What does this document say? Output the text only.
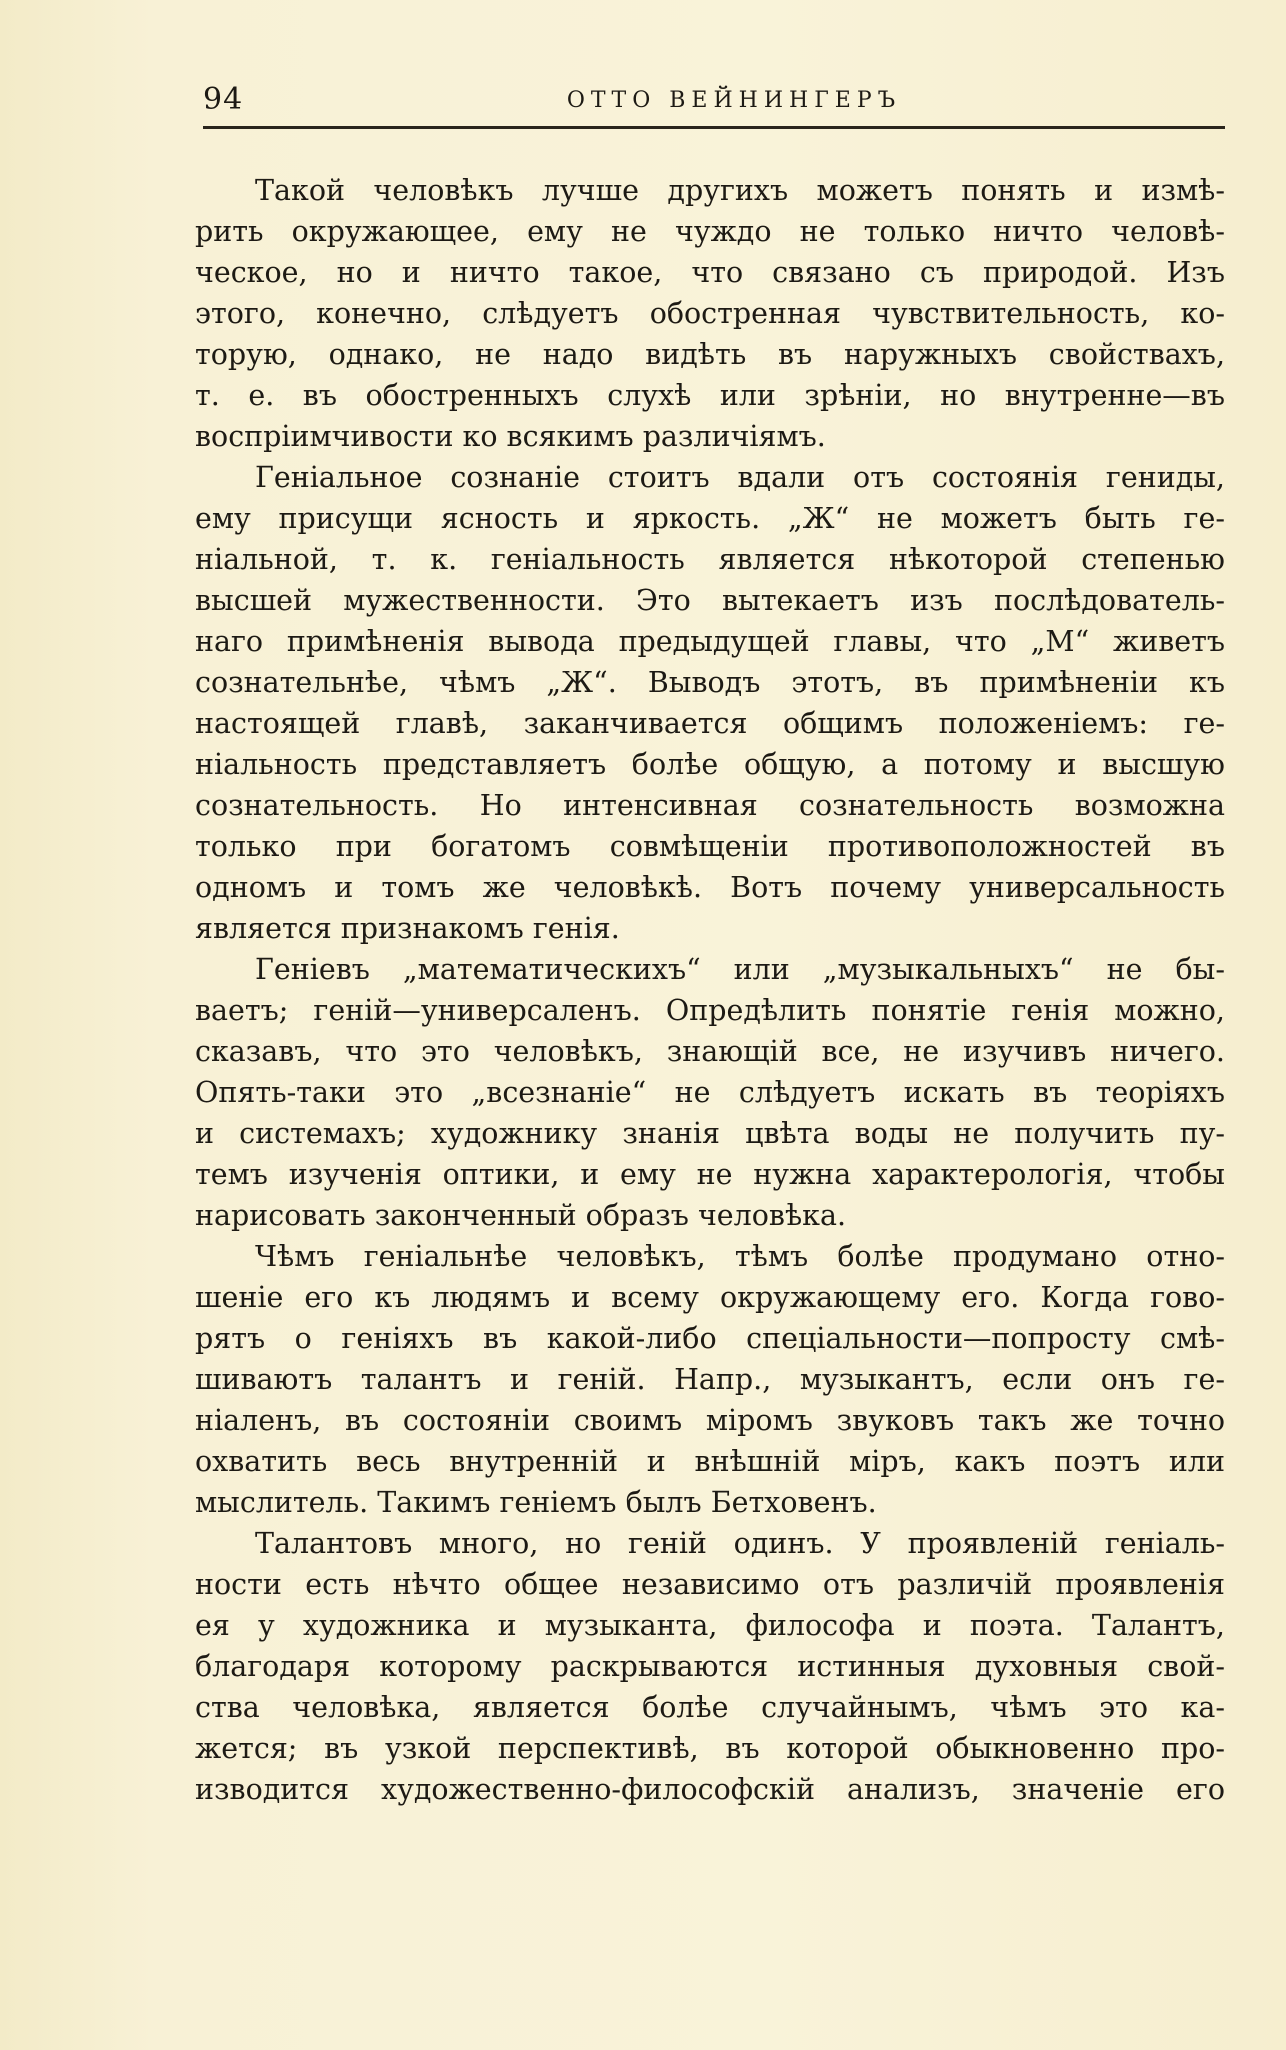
94	ОТТО ВЕЙНИНГЕРЪ

Такой человѣкъ лучше другихъ можетъ понять и измѣ-
рить окружающее, ему не чуждо не только ничто человѣ-
ческое, но и ничто такое, что связано съ природой. Изъ
этого, конечно, слѣдуетъ обостренная чувствительность, ко-
торую, однако, не надо видѣть въ наружныхъ свойствахъ,
т. е. въ обостренныхъ слухѣ или зрѣніи, но внутренне—въ
воспріимчивости ко всякимъ различіямъ.

Геніальное сознаніе стоитъ вдали отъ состоянія гениды,
ему присущи ясность и яркость. „Ж“ не можетъ быть ге-
ніальной, т. к. геніальность является нѣкоторой степенью
высшей мужественности. Это вытекаетъ изъ послѣдователь-
наго примѣненія вывода предыдущей главы, что „М“ живетъ
сознательнѣе, чѣмъ „Ж“. Выводъ этотъ, въ примѣненіи къ
настоящей главѣ, заканчивается общимъ положеніемъ: ге-
ніальность представляетъ болѣе общую, а потому и высшую
сознательность. Но интенсивная сознательность возможна
только при богатомъ совмѣщеніи противоположностей въ
одномъ и томъ же человѣкѣ. Вотъ почему универсальность
является признакомъ генія.

Геніевъ „математическихъ“ или „музыкальныхъ“ не бы-
ваетъ; геній—универсаленъ. Опредѣлить понятіе генія можно,
сказавъ, что это человѣкъ, знающій все, не изучивъ ничего.
Опять-таки это „всезнаніе“ не слѣдуетъ искать въ теоріяхъ
и системахъ; художнику знанія цвѣта воды не получить пу-
темъ изученія оптики, и ему не нужна характерологія, чтобы
нарисовать законченный образъ человѣка.

Чѣмъ геніальнѣе человѣкъ, тѣмъ болѣе продумано отно-
шеніе его къ людямъ и всему окружающему его. Когда гово-
рятъ о геніяхъ въ какой-либо спеціальности—попросту смѣ-
шиваютъ талантъ и геній. Напр., музыкантъ, если онъ ге-
ніаленъ, въ состояніи своимъ міромъ звуковъ такъ же точно
охватить весь внутренній и внѣшній міръ, какъ поэтъ или
мыслитель. Такимъ геніемъ былъ Бетховенъ.

Талантовъ много, но геній одинъ. У проявленій геніаль-
ности есть нѣчто общее независимо отъ различій проявленія
ея у художника и музыканта, философа и поэта. Талантъ,
благодаря которому раскрываются истинныя духовныя свой-
ства человѣка, является болѣе случайнымъ, чѣмъ это ка-
жется; въ узкой перспективѣ, въ которой обыкновенно про-
изводится художественно-философскій анализъ, значеніе его
